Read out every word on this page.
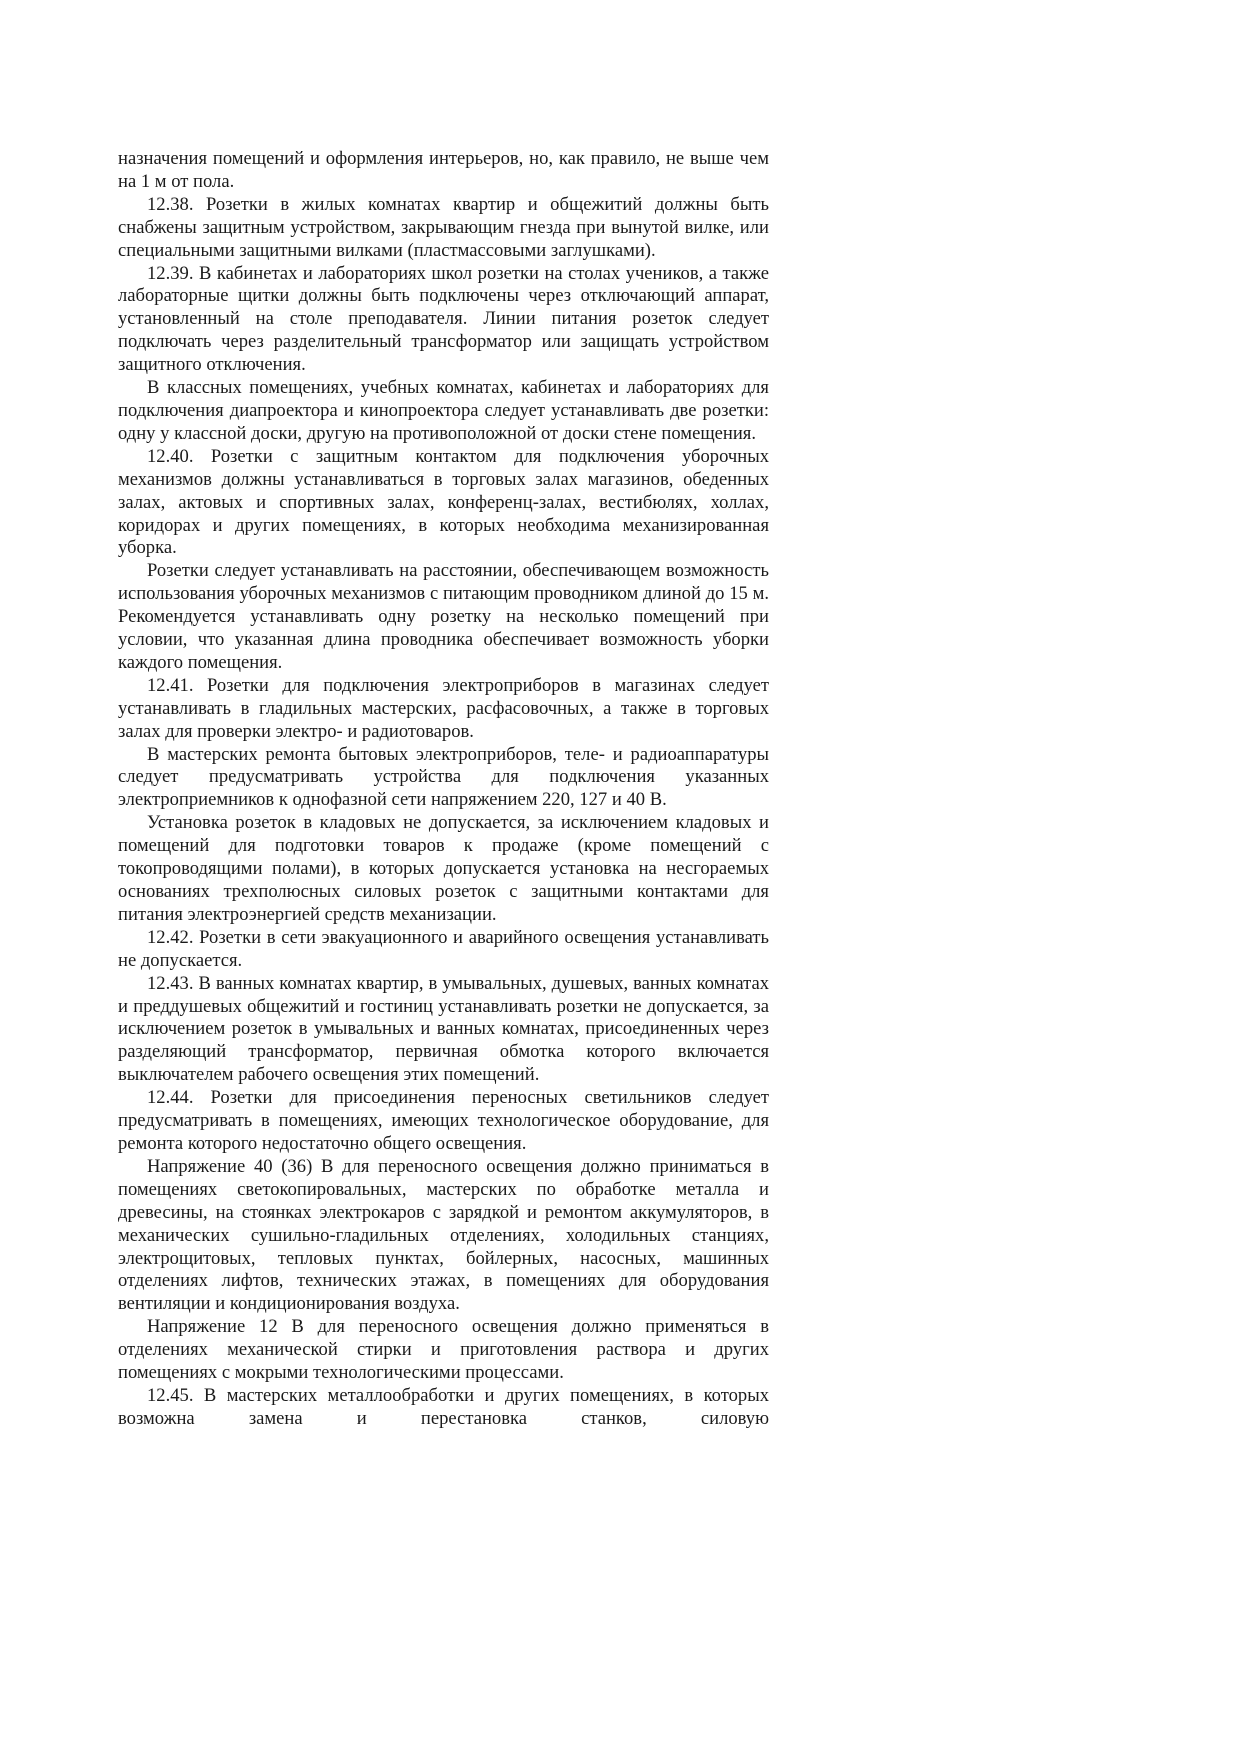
назначения помещений и оформления интерьеров, но, как правило, не выше чем на 1 м от пола.

12.38. Розетки в жилых комнатах квартир и общежитий должны быть снабжены защитным устройством, закрывающим гнезда при вынутой вилке, или специальными защитными вилками (пластмассовыми заглушками).

12.39. В кабинетах и лабораториях школ розетки на столах учеников, а также лабораторные щитки должны быть подключены через отключающий аппарат, установленный на столе преподавателя. Линии питания розеток следует подключать через разделительный трансформатор или защищать устройством защитного отключения.

В классных помещениях, учебных комнатах, кабинетах и лабораториях для подключения диапроектора и кинопроектора следует устанавливать две розетки: одну у классной доски, другую на противоположной от доски стене помещения.

12.40. Розетки с защитным контактом для подключения уборочных механизмов должны устанавливаться в торговых залах магазинов, обеденных залах, актовых и спортивных залах, конференц-залах, вестибюлях, холлах, коридорах и других помещениях, в которых необходима механизированная уборка.

Розетки следует устанавливать на расстоянии, обеспечивающем возможность использования уборочных механизмов с питающим проводником длиной до 15 м. Рекомендуется устанавливать одну розетку на несколько помещений при условии, что указанная длина проводника обеспечивает возможность уборки каждого помещения.

12.41. Розетки для подключения электроприборов в магазинах следует устанавливать в гладильных мастерских, расфасовочных, а также в торговых залах для проверки электро- и радиотоваров.

В мастерских ремонта бытовых электроприборов, теле- и радиоаппаратуры следует предусматривать устройства для подключения указанных электроприемников к однофазной сети напряжением 220, 127 и 40 В.

Установка розеток в кладовых не допускается, за исключением кладовых и помещений для подготовки товаров к продаже (кроме помещений с токопроводящими полами), в которых допускается установка на несгораемых основаниях трехполюсных силовых розеток с защитными контактами для питания электроэнергией средств механизации.

12.42. Розетки в сети эвакуационного и аварийного освещения устанавливать не допускается.

12.43. В ванных комнатах квартир, в умывальных, душевых, ванных комнатах и преддушевых общежитий и гостиниц устанавливать розетки не допускается, за исключением розеток в умывальных и ванных комнатах, присоединенных через разделяющий трансформатор, первичная обмотка которого включается выключателем рабочего освещения этих помещений.

12.44. Розетки для присоединения переносных светильников следует предусматривать в помещениях, имеющих технологическое оборудование, для ремонта которого недостаточно общего освещения.

Напряжение 40 (36) В для переносного освещения должно приниматься в помещениях светокопировальных, мастерских по обработке металла и древесины, на стоянках электрокаров с зарядкой и ремонтом аккумуляторов, в механических сушильно-гладильных отделениях, холодильных станциях, электрощитовых, тепловых пунктах, бойлерных, насосных, машинных отделениях лифтов, технических этажах, в помещениях для оборудования вентиляции и кондиционирования воздуха.

Напряжение 12 В для переносного освещения должно применяться в отделениях механической стирки и приготовления раствора и других помещениях с мокрыми технологическими процессами.

12.45. В мастерских металлообработки и других помещениях, в которых возможна замена и перестановка станков, силовую
